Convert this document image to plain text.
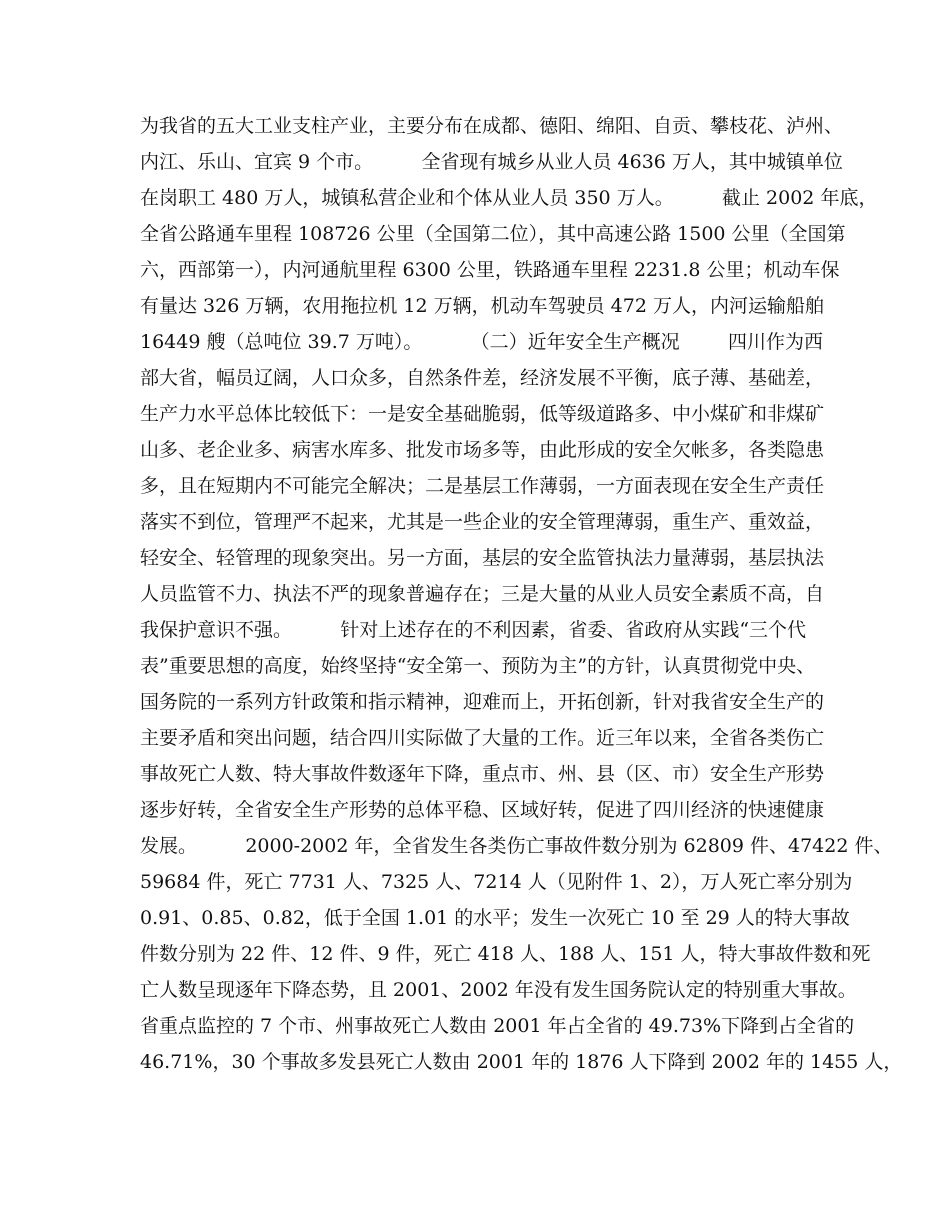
为我省的五大工业支柱产业，主要分布在成都、德阳、绵阳、自贡、攀枝花、泸州、
内江、乐山、宜宾 9 个市。        全省现有城乡从业人员 4636 万人，其中城镇单位
在岗职工 480 万人，城镇私营企业和个体从业人员 350 万人。        截止 2002 年底，
全省公路通车里程 108726 公里（全国第二位），其中高速公路 1500 公里（全国第
六，西部第一），内河通航里程 6300 公里，铁路通车里程 2231.8 公里；机动车保
有量达 326 万辆，农用拖拉机 12 万辆，机动车驾驶员 472 万人，内河运输船舶
16449 艘（总吨位 39.7 万吨）。        （二）近年安全生产概况        四川作为西
部大省，幅员辽阔，人口众多，自然条件差，经济发展不平衡，底子薄、基础差，
生产力水平总体比较低下：一是安全基础脆弱，低等级道路多、中小煤矿和非煤矿
山多、老企业多、病害水库多、批发市场多等，由此形成的安全欠帐多，各类隐患
多，且在短期内不可能完全解决；二是基层工作薄弱，一方面表现在安全生产责任
落实不到位，管理严不起来，尤其是一些企业的安全管理薄弱，重生产、重效益，
轻安全、轻管理的现象突出。另一方面，基层的安全监管执法力量薄弱，基层执法
人员监管不力、执法不严的现象普遍存在；三是大量的从业人员安全素质不高，自
我保护意识不强。        针对上述存在的不利因素，省委、省政府从实践“三个代
表”重要思想的高度，始终坚持“安全第一、预防为主”的方针，认真贯彻党中央、
国务院的一系列方针政策和指示精神，迎难而上，开拓创新，针对我省安全生产的
主要矛盾和突出问题，结合四川实际做了大量的工作。近三年以来，全省各类伤亡
事故死亡人数、特大事故件数逐年下降，重点市、州、县（区、市）安全生产形势
逐步好转，全省安全生产形势的总体平稳、区域好转，促进了四川经济的快速健康
发展。        2000-2002 年，全省发生各类伤亡事故件数分别为 62809 件、47422 件、
59684 件，死亡 7731 人、7325 人、7214 人（见附件 1、2），万人死亡率分别为
0.91、0.85、0.82，低于全国 1.01 的水平；发生一次死亡 10 至 29 人的特大事故
件数分别为 22 件、12 件、9 件，死亡 418 人、188 人、151 人，特大事故件数和死
亡人数呈现逐年下降态势，且 2001、2002 年没有发生国务院认定的特别重大事故。
省重点监控的 7 个市、州事故死亡人数由 2001 年占全省的 49.73%下降到占全省的
46.71%，30 个事故多发县死亡人数由 2001 年的 1876 人下降到 2002 年的 1455 人，
